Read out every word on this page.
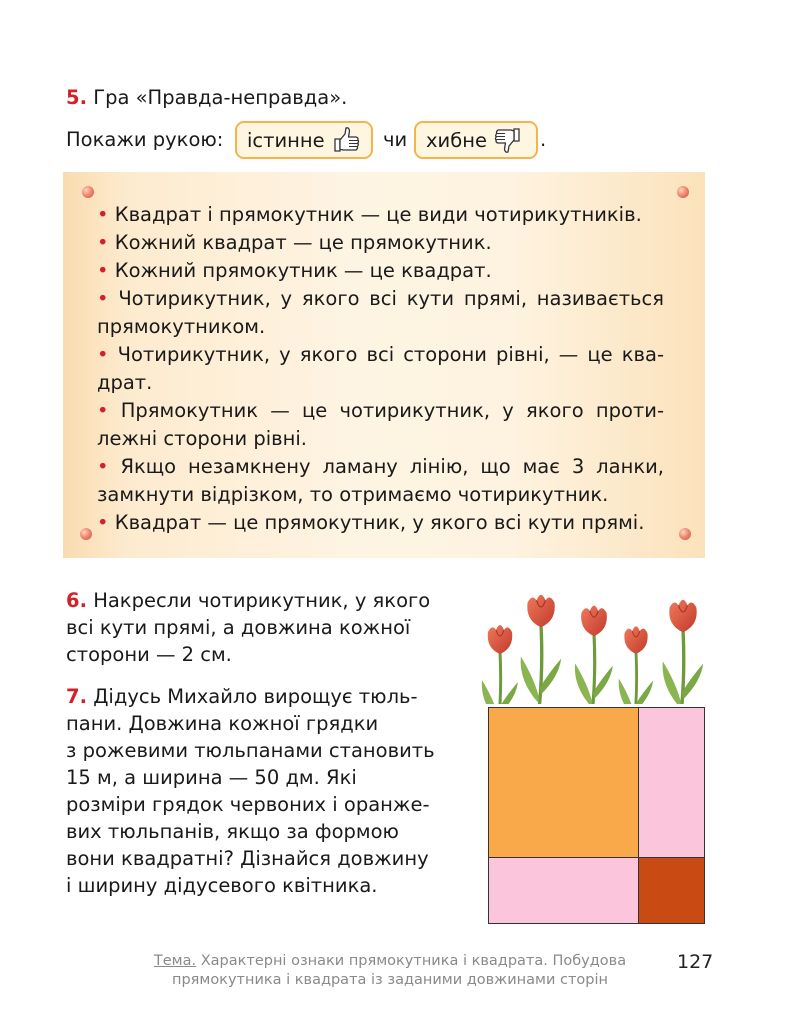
5. Гра «Правда-неправда».
Покажи рукою: істинне	чи хибне	.
• Квадрат і прямокутник — це види чотирикутників.
• Кожний квадрат — це прямокутник.
• Кожний прямокутник — це квадрат.
• Чотирикутник, у якого всі кути прямі, називається
прямокутником.
• Чотирикутник, у якого всі сторони рівні, — це ква-
драт.
• Прямокутник — це чотирикутник, у якого проти-
лежні сторони рівні.
• Якщо незамкнену ламану лінію, що має 3 ланки,
замкнути відрізком, то отримаємо чотирикутник.
• Квадрат — це прямокутник, у якого всі кути прямі.
6. Накресли чотирикутник, у якого
всі кути прямі, а довжина кожної
сторони — 2 см.
7. Дідусь Михайло вирощує тюль-
пани. Довжина кожної грядки
з рожевими тюльпанами становить
15 м, а ширина — 50 дм. Які
розміри грядок червоних і оранже-
вих тюльпанів, якщо за формою
вони квадратні? Дізнайся довжину
і ширину дідусевого квітника.
Тема. Характерні ознаки прямокутника і квадрата. Побудова
прямокутника і квадрата із заданими довжинами сторін
127
